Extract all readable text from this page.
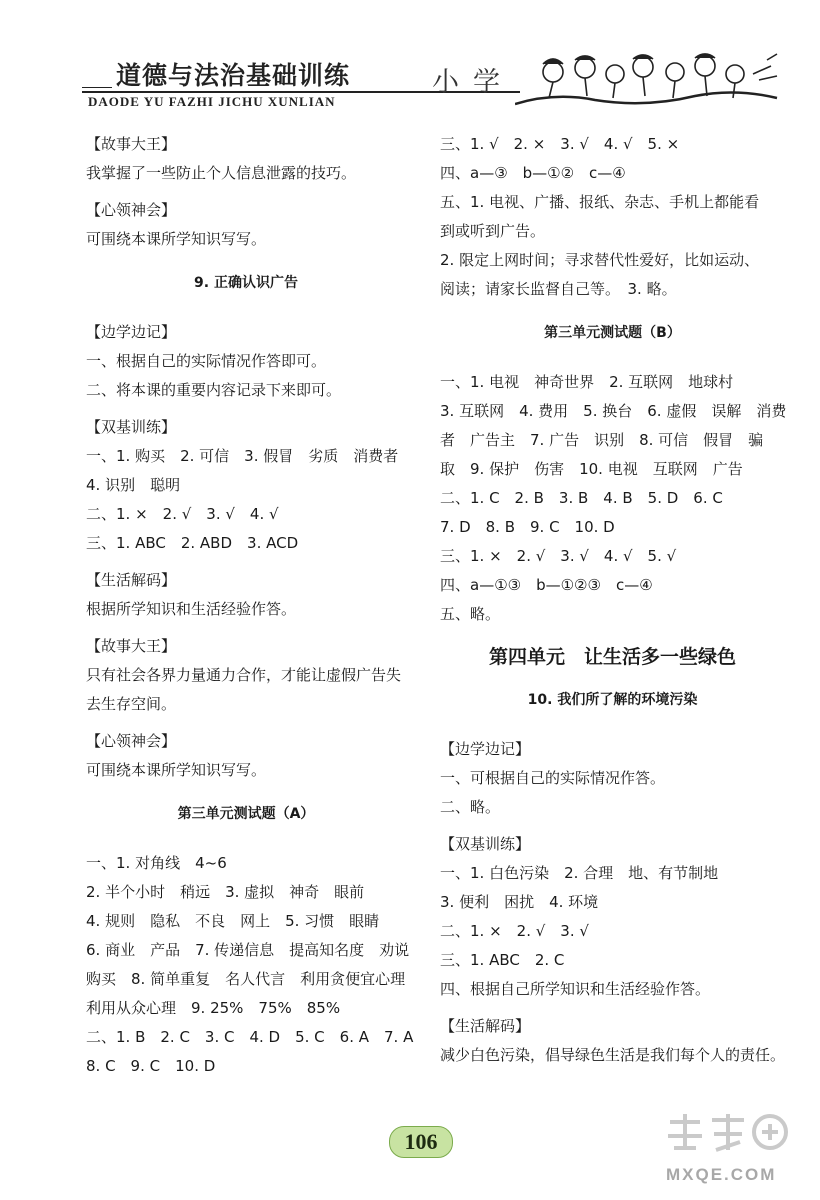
道德与法治基础训练
DAODE YU FAZHI JICHU XUNLIAN
小学
【故事大王】
我掌握了一些防止个人信息泄露的技巧。
【心领神会】
可围绕本课所学知识写写。
9. 正确认识广告
【边学边记】
一、根据自己的实际情况作答即可。
二、将本课的重要内容记录下来即可。
【双基训练】
一、1. 购买　2. 可信　3. 假冒　劣质　消费者
4. 识别　聪明
二、1. ×　2. √　3. √　4. √
三、1. ABC　2. ABD　3. ACD
【生活解码】
根据所学知识和生活经验作答。
【故事大王】
只有社会各界力量通力合作，才能让虚假广告失
去生存空间。
【心领神会】
可围绕本课所学知识写写。
第三单元测试题（A）
一、1. 对角线　4~6
2. 半个小时　稍远　3. 虚拟　神奇　眼前
4. 规则　隐私　不良　网上　5. 习惯　眼睛
6. 商业　产品　7. 传递信息　提高知名度　劝说
购买　8. 简单重复　名人代言　利用贪便宜心理
利用从众心理　9. 25%　75%　85%
二、1. B　2. C　3. C　4. D　5. C　6. A　7. A
8. C　9. C　10. D
三、1. √　2. ×　3. √　4. √　5. ×
四、a—③　b—①②　c—④
五、1. 电视、广播、报纸、杂志、手机上都能看
到或听到广告。
2. 限定上网时间；寻求替代性爱好，比如运动、
阅读；请家长监督自己等。　3. 略。
第三单元测试题（B）
一、1. 电视　神奇世界　2. 互联网　地球村
3. 互联网　4. 费用　5. 换台　6. 虚假　误解　消费
者　广告主　7. 广告　识别　8. 可信　假冒　骗
取　9. 保护　伤害　10. 电视　互联网　广告
二、1. C　2. B　3. B　4. B　5. D　6. C
7. D　8. B　9. C　10. D
三、1. ×　2. √　3. √　4. √　5. √
四、a—①③　b—①②③　c—④
五、略。
第四单元　让生活多一些绿色
10. 我们所了解的环境污染
【边学边记】
一、可根据自己的实际情况作答。
二、略。
【双基训练】
一、1. 白色污染　2. 合理　地、有节制地
3. 便利　困扰　4. 环境
二、1. ×　2. √　3. √
三、1. ABC　2. C
四、根据自己所学知识和生活经验作答。
【生活解码】
减少白色污染，倡导绿色生活是我们每个人的责任。
106
MXQE.COM
